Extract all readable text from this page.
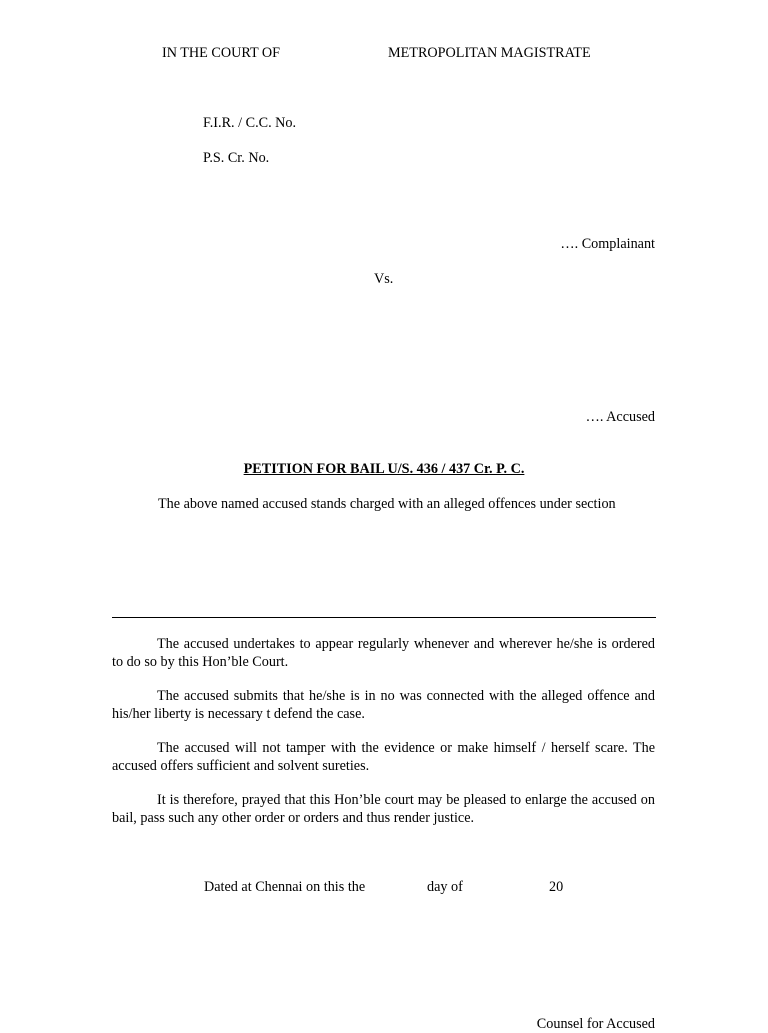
IN THE COURT OF	METROPOLITAN MAGISTRATE
F.I.R. / C.C. No.
P.S. Cr. No.
…. Complainant
Vs.
…. Accused
PETITION FOR BAIL U/S. 436 / 437 Cr. P. C.
The above named accused stands charged with an alleged offences under section

The accused undertakes to appear regularly whenever and wherever he/she is ordered to do so by this Hon’ble Court.

The accused submits that he/she is in no was connected with the alleged offence and his/her liberty is necessary t defend the case.

The accused will not tamper with the evidence or make himself / herself scare. The accused offers sufficient and solvent sureties.

It is therefore, prayed that this Hon’ble court may be pleased to enlarge the accused on bail, pass such any other order or orders and thus render justice.

Dated at Chennai on this the	day of	20
Counsel for Accused
